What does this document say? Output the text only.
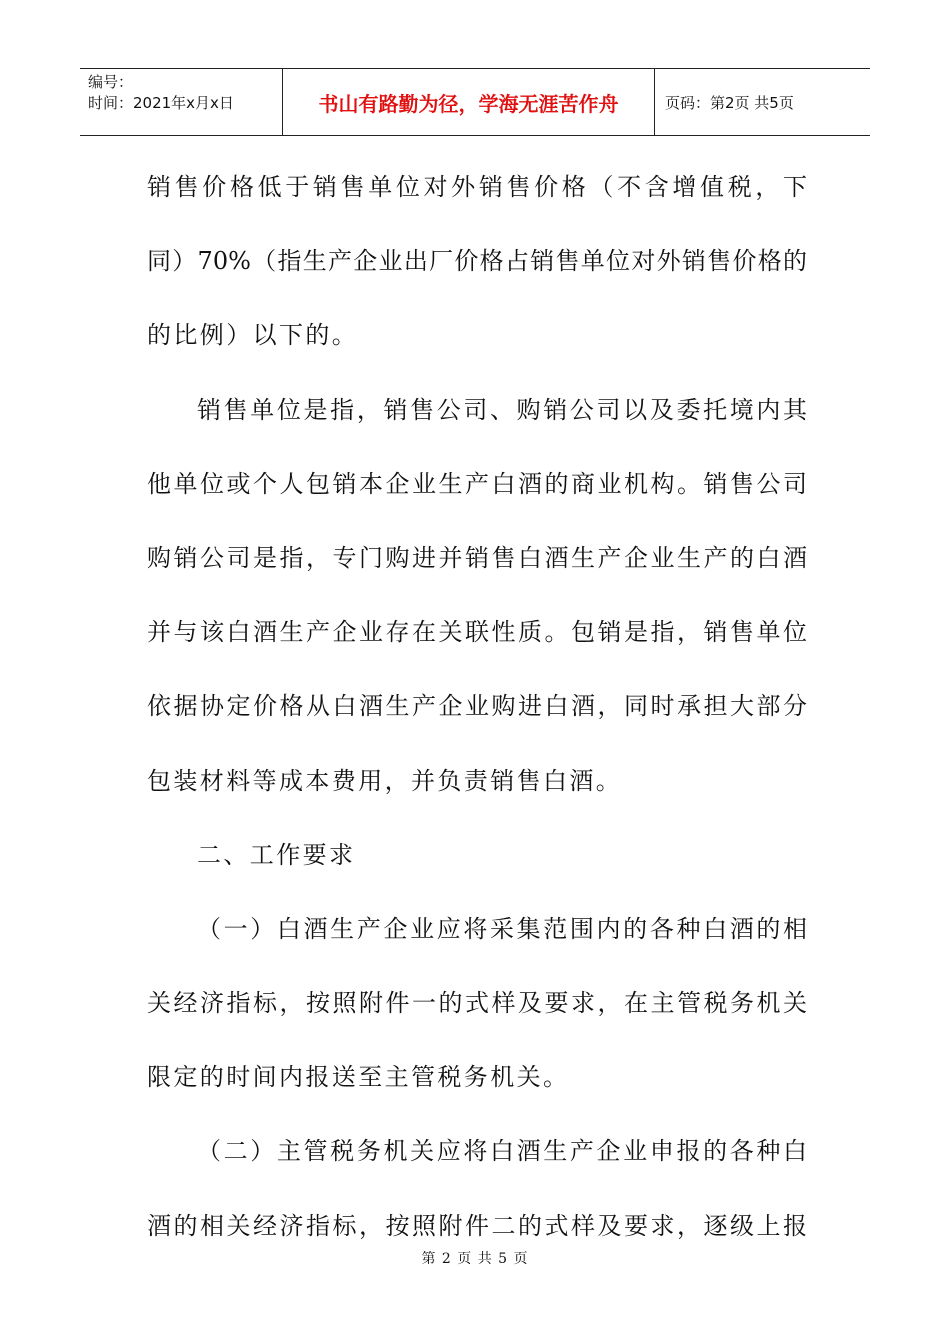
编号：
时间：2021年x月x日	书山有路勤为径，学海无涯苦作舟	页码：第2页 共5页
销售价格低于销售单位对外销售价格（不含增值税，下
同）70%（指生产企业出厂价格占销售单位对外销售价格的
的比例）以下的。
销售单位是指，销售公司、购销公司以及委托境内其
他单位或个人包销本企业生产白酒的商业机构。销售公司
购销公司是指，专门购进并销售白酒生产企业生产的白酒
并与该白酒生产企业存在关联性质。包销是指，销售单位
依据协定价格从白酒生产企业购进白酒，同时承担大部分
包装材料等成本费用，并负责销售白酒。
二、工作要求
（一）白酒生产企业应将采集范围内的各种白酒的相
关经济指标，按照附件一的式样及要求，在主管税务机关
限定的时间内报送至主管税务机关。
（二）主管税务机关应将白酒生产企业申报的各种白
酒的相关经济指标，按照附件二的式样及要求，逐级上报
第 2 页 共 5 页
